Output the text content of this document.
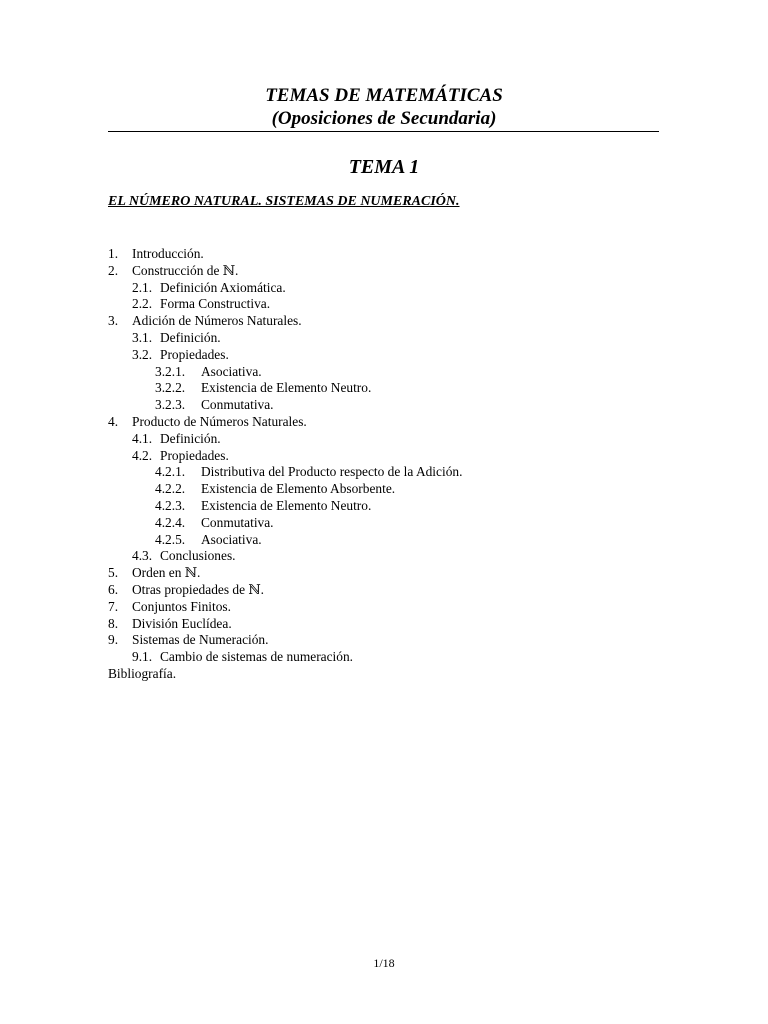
TEMAS DE MATEMÁTICAS
(Oposiciones de Secundaria)
TEMA 1
EL NÚMERO NATURAL. SISTEMAS DE NUMERACIÓN.
1. Introducción.
2. Construcción de ℕ.
2.1. Definición Axiomática.
2.2. Forma Constructiva.
3. Adición de Números Naturales.
3.1. Definición.
3.2. Propiedades.
3.2.1. Asociativa.
3.2.2. Existencia de Elemento Neutro.
3.2.3. Conmutativa.
4. Producto de Números Naturales.
4.1. Definición.
4.2. Propiedades.
4.2.1. Distributiva del Producto respecto de la Adición.
4.2.2. Existencia de Elemento Absorbente.
4.2.3. Existencia de Elemento Neutro.
4.2.4. Conmutativa.
4.2.5. Asociativa.
4.3. Conclusiones.
5. Orden en ℕ.
6. Otras propiedades de ℕ.
7. Conjuntos Finitos.
8. División Euclídea.
9. Sistemas de Numeración.
9.1. Cambio de sistemas de numeración.
Bibliografía.
1/18
